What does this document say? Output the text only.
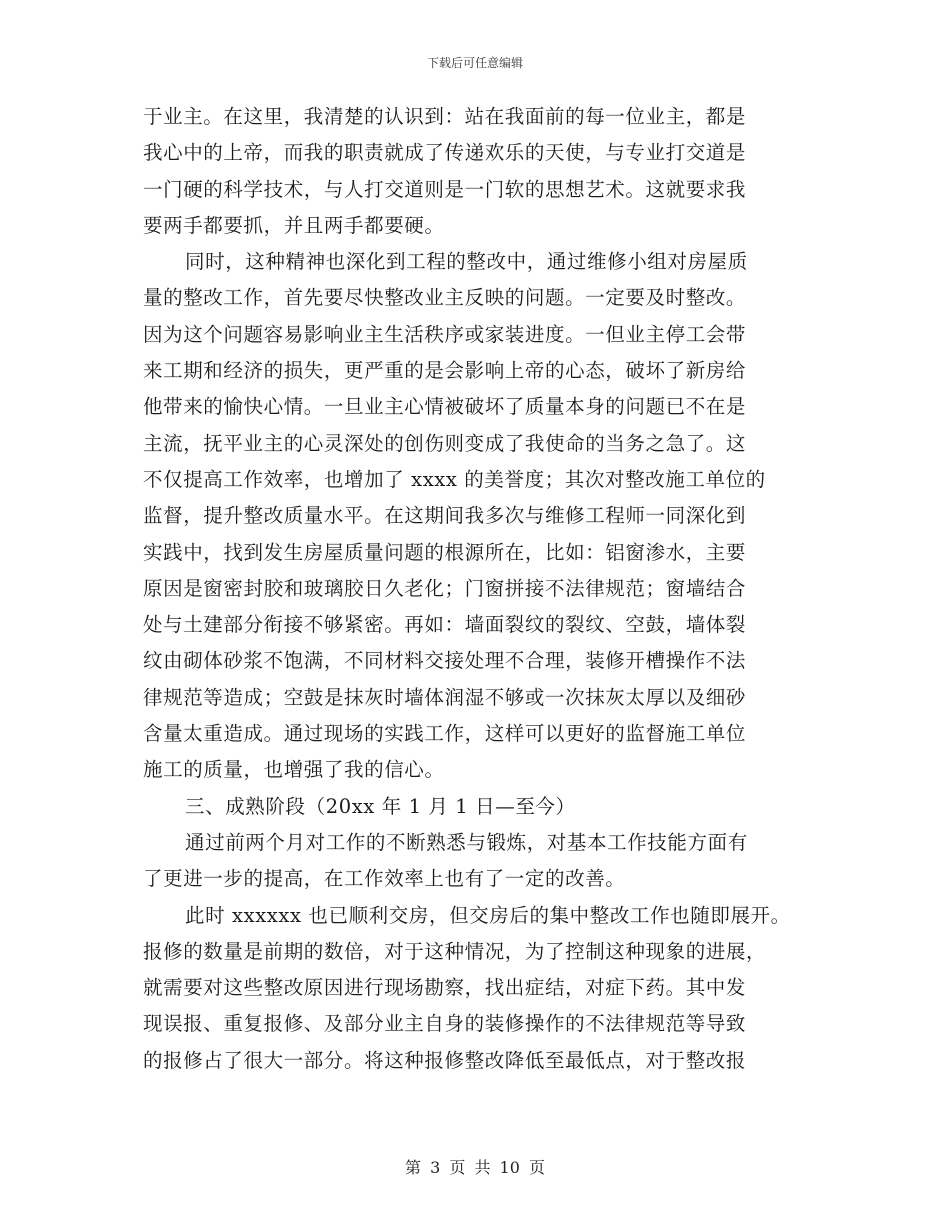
下载后可任意编辑
于业主。在这里，我清楚的认识到：站在我面前的每一位业主，都是
我心中的上帝，而我的职责就成了传递欢乐的天使，与专业打交道是
一门硬的科学技术，与人打交道则是一门软的思想艺术。这就要求我
要两手都要抓，并且两手都要硬。
同时，这种精神也深化到工程的整改中，通过维修小组对房屋质
量的整改工作，首先要尽快整改业主反映的问题。一定要及时整改。
因为这个问题容易影响业主生活秩序或家装进度。一但业主停工会带
来工期和经济的损失，更严重的是会影响上帝的心态，破坏了新房给
他带来的愉快心情。一旦业主心情被破坏了质量本身的问题已不在是
主流，抚平业主的心灵深处的创伤则变成了我使命的当务之急了。这
不仅提高工作效率，也增加了 xxxx 的美誉度；其次对整改施工单位的
监督，提升整改质量水平。在这期间我多次与维修工程师一同深化到
实践中，找到发生房屋质量问题的根源所在，比如：铝窗渗水，主要
原因是窗密封胶和玻璃胶日久老化；门窗拼接不法律规范；窗墙结合
处与土建部分衔接不够紧密。再如：墙面裂纹的裂纹、空鼓，墙体裂
纹由砌体砂浆不饱满，不同材料交接处理不合理，装修开槽操作不法
律规范等造成；空鼓是抹灰时墙体润湿不够或一次抹灰太厚以及细砂
含量太重造成。通过现场的实践工作，这样可以更好的监督施工单位
施工的质量，也增强了我的信心。
三、成熟阶段（20xx 年 1 月 1 日—至今）
通过前两个月对工作的不断熟悉与锻炼，对基本工作技能方面有
了更进一步的提高，在工作效率上也有了一定的改善。
此时 xxxxxx 也已顺利交房，但交房后的集中整改工作也随即展开。
报修的数量是前期的数倍，对于这种情况，为了控制这种现象的进展，
就需要对这些整改原因进行现场勘察，找出症结，对症下药。其中发
现误报、重复报修、及部分业主自身的装修操作的不法律规范等导致
的报修占了很大一部分。将这种报修整改降低至最低点，对于整改报
第 3 页 共 10 页
